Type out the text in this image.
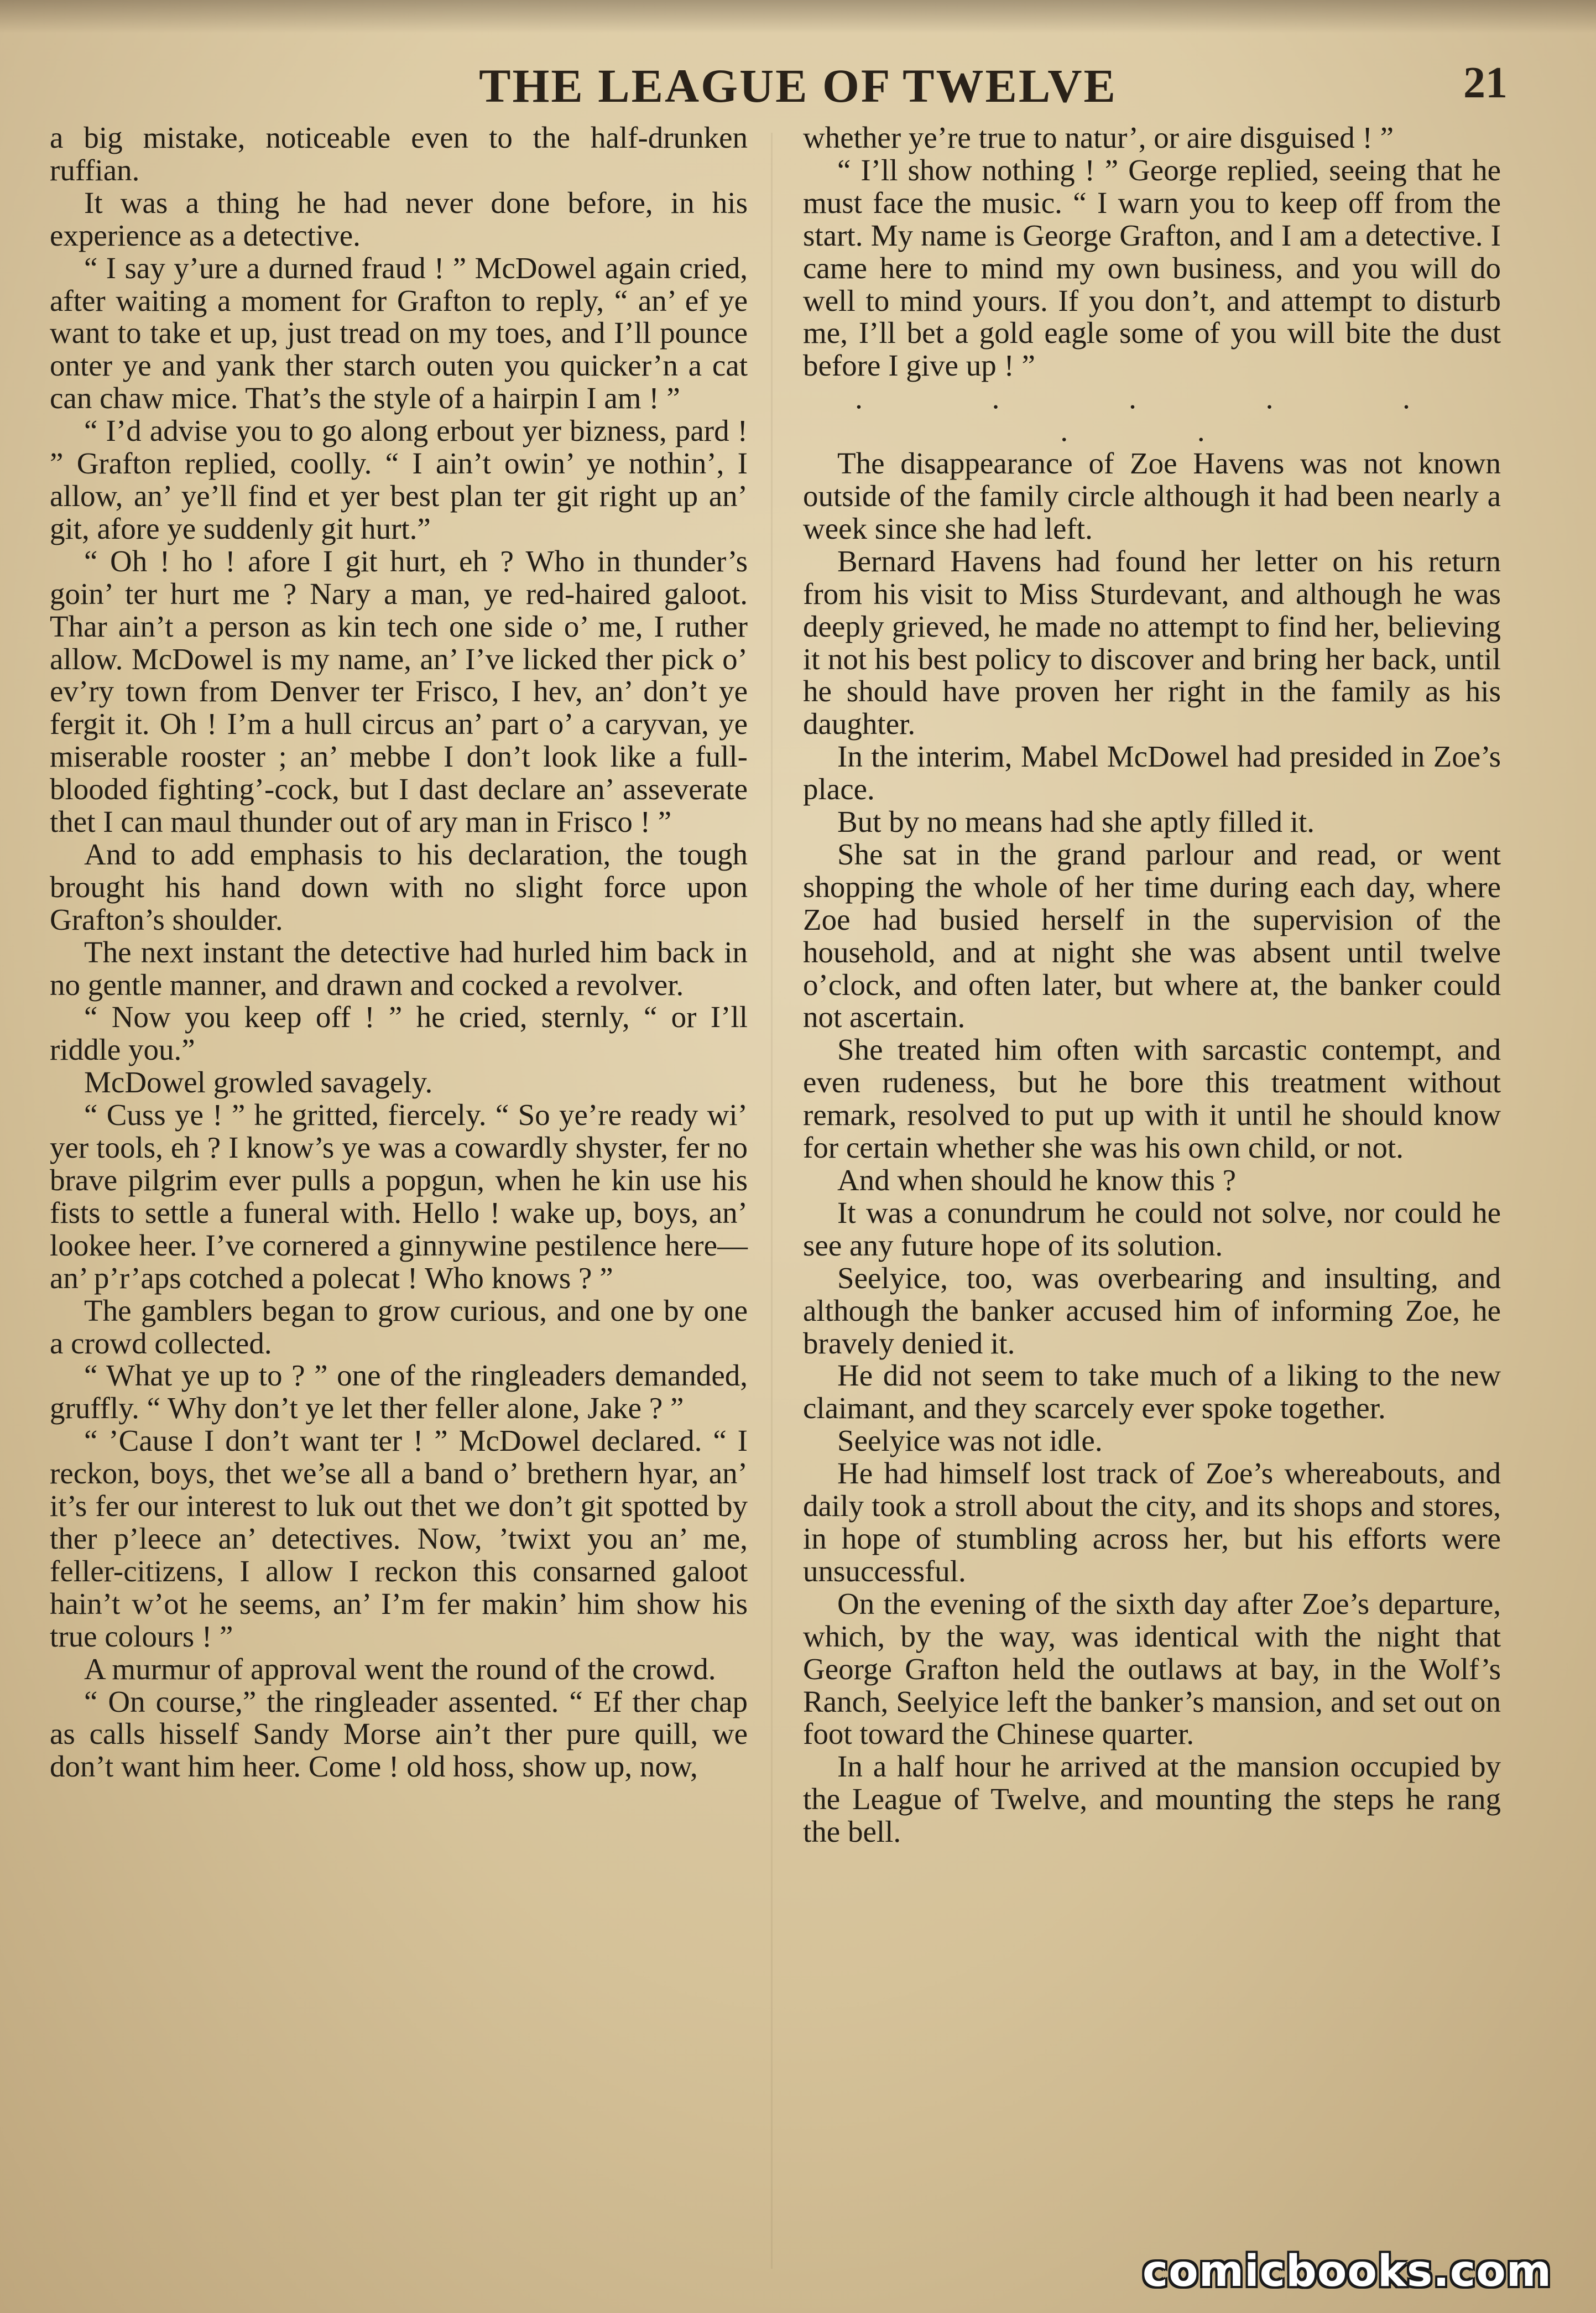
THE LEAGUE OF TWELVE	21

a big mistake, noticeable even to the half-drunken ruffian.

It was a thing he had never done before, in his experience as a detective.

“ I say y’ure a durned fraud ! ” McDowel again cried, after waiting a moment for Grafton to reply, “ an’ ef ye want to take et up, just tread on my toes, and I’ll pounce onter ye and yank ther starch outen you quicker’n a cat can chaw mice. That’s the style of a hairpin I am ! ”

“ I’d advise you to go along erbout yer bizness, pard ! ” Grafton replied, coolly. “ I ain’t owin’ ye nothin’, I allow, an’ ye’ll find et yer best plan ter git right up an’ git, afore ye suddenly git hurt.”

“ Oh ! ho ! afore I git hurt, eh ? Who in thunder’s goin’ ter hurt me ? Nary a man, ye red-haired galoot. Thar ain’t a person as kin tech one side o’ me, I ruther allow. McDowel is my name, an’ I’ve licked ther pick o’ ev’ry town from Denver ter Frisco, I hev, an’ don’t ye fergit it. Oh ! I’m a hull circus an’ part o’ a caryvan, ye miserable rooster ; an’ mebbe I don’t look like a full-blooded fighting’-cock, but I dast declare an’ asseverate thet I can maul thunder out of ary man in Frisco ! ”

And to add emphasis to his declaration, the tough brought his hand down with no slight force upon Grafton’s shoulder.

The next instant the detective had hurled him back in no gentle manner, and drawn and cocked a revolver.

“ Now you keep off ! ” he cried, sternly, “ or I’ll riddle you.”

McDowel growled savagely.

“ Cuss ye ! ” he gritted, fiercely. “ So ye’re ready wi’ yer tools, eh ? I know’s ye was a cowardly shyster, fer no brave pilgrim ever pulls a popgun, when he kin use his fists to settle a funeral with. Hello ! wake up, boys, an’ lookee heer. I’ve cornered a ginnywine pestilence here—an’ p’r’aps cotched a polecat ! Who knows ? ”

The gamblers began to grow curious, and one by one a crowd collected.

“ What ye up to ? ” one of the ringleaders demanded, gruffly. “ Why don’t ye let ther feller alone, Jake ? ”

“ ’Cause I don’t want ter ! ” McDowel declared. “ I reckon, boys, thet we’se all a band o’ brethern hyar, an’ it’s fer our interest to luk out thet we don’t git spotted by ther p’leece an’ detectives. Now, ’twixt you an’ me, feller-citizens, I allow I reckon this consarned galoot hain’t w’ot he seems, an’ I’m fer makin’ him show his true colours ! ”

A murmur of approval went the round of the crowd.

“ On course,” the ringleader assented. “ Ef ther chap as calls hisself Sandy Morse ain’t ther pure quill, we don’t want him heer. Come ! old hoss, show up, now,

whether ye’re true to natur’, or aire disguised ! ”

“ I’ll show nothing ! ” George replied, seeing that he must face the music. “ I warn you to keep off from the start. My name is George Grafton, and I am a detective. I came here to mind my own business, and you will do well to mind yours. If you don’t, and attempt to disturb me, I’ll bet a gold eagle some of you will bite the dust before I give up ! ”

. . . . . . .

The disappearance of Zoe Havens was not known outside of the family circle although it had been nearly a week since she had left.

Bernard Havens had found her letter on his return from his visit to Miss Sturdevant, and although he was deeply grieved, he made no attempt to find her, believing it not his best policy to discover and bring her back, until he should have proven her right in the family as his daughter.

In the interim, Mabel McDowel had presided in Zoe’s place.

But by no means had she aptly filled it.

She sat in the grand parlour and read, or went shopping the whole of her time during each day, where Zoe had busied herself in the supervision of the household, and at night she was absent until twelve o’clock, and often later, but where at, the banker could not ascertain.

She treated him often with sarcastic contempt, and even rudeness, but he bore this treatment without remark, resolved to put up with it until he should know for certain whether she was his own child, or not.

And when should he know this ?

It was a conundrum he could not solve, nor could he see any future hope of its solution.

Seelyice, too, was overbearing and insulting, and although the banker accused him of informing Zoe, he bravely denied it.

He did not seem to take much of a liking to the new claimant, and they scarcely ever spoke together.

Seelyice was not idle.

He had himself lost track of Zoe’s whereabouts, and daily took a stroll about the city, and its shops and stores, in hope of stumbling across her, but his efforts were unsuccessful.

On the evening of the sixth day after Zoe’s departure, which, by the way, was identical with the night that George Grafton held the outlaws at bay, in the Wolf’s Ranch, Seelyice left the banker’s mansion, and set out on foot toward the Chinese quarter.

In a half hour he arrived at the mansion occupied by the League of Twelve, and mounting the steps he rang the bell.

comicbooks.com
